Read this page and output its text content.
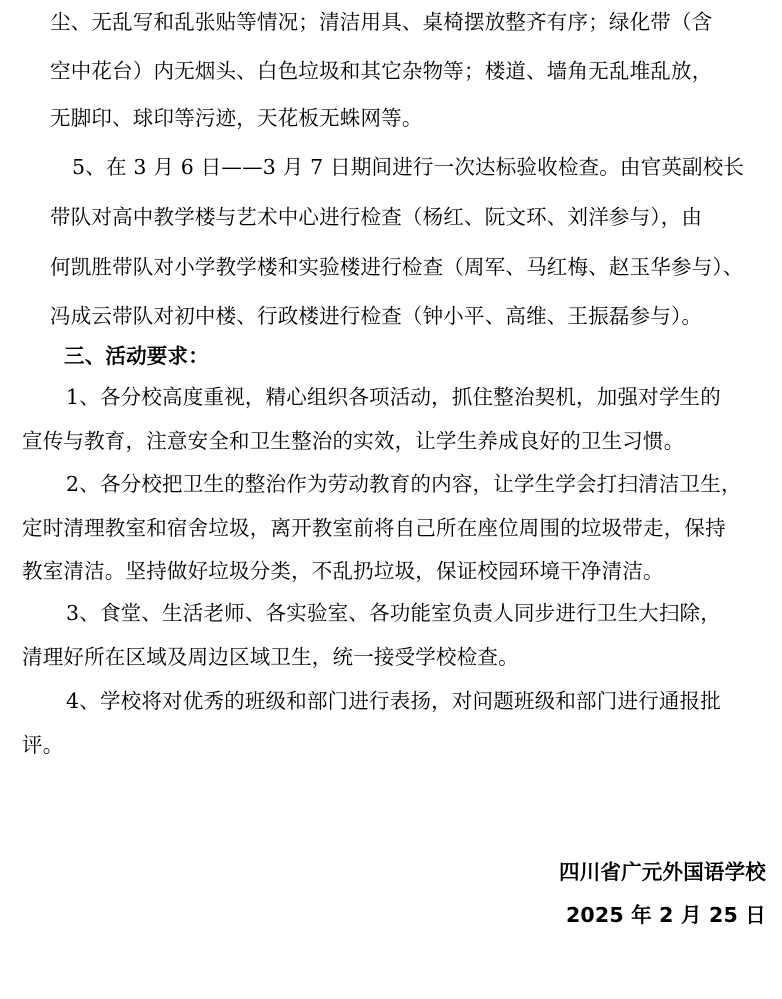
尘、无乱写和乱张贴等情况；清洁用具、桌椅摆放整齐有序；绿化带（含
空中花台）内无烟头、白色垃圾和其它杂物等；楼道、墙角无乱堆乱放，
无脚印、球印等污迹，天花板无蛛网等。
5、在 3 月 6 日——3 月 7 日期间进行一次达标验收检查。由官英副校长
带队对高中教学楼与艺术中心进行检查（杨红、阮文环、刘洋参与），由
何凯胜带队对小学教学楼和实验楼进行检查（周军、马红梅、赵玉华参与）、
冯成云带队对初中楼、行政楼进行检查（钟小平、高维、王振磊参与）。
三、活动要求：
1、各分校高度重视，精心组织各项活动，抓住整治契机，加强对学生的
宣传与教育，注意安全和卫生整治的实效，让学生养成良好的卫生习惯。
2、各分校把卫生的整治作为劳动教育的内容，让学生学会打扫清洁卫生，
定时清理教室和宿舍垃圾，离开教室前将自己所在座位周围的垃圾带走，保持
教室清洁。坚持做好垃圾分类，不乱扔垃圾，保证校园环境干净清洁。
3、食堂、生活老师、各实验室、各功能室负责人同步进行卫生大扫除，
清理好所在区域及周边区域卫生，统一接受学校检查。
4、学校将对优秀的班级和部门进行表扬，对问题班级和部门进行通报批
评。
四川省广元外国语学校
2025 年 2 月 25 日
